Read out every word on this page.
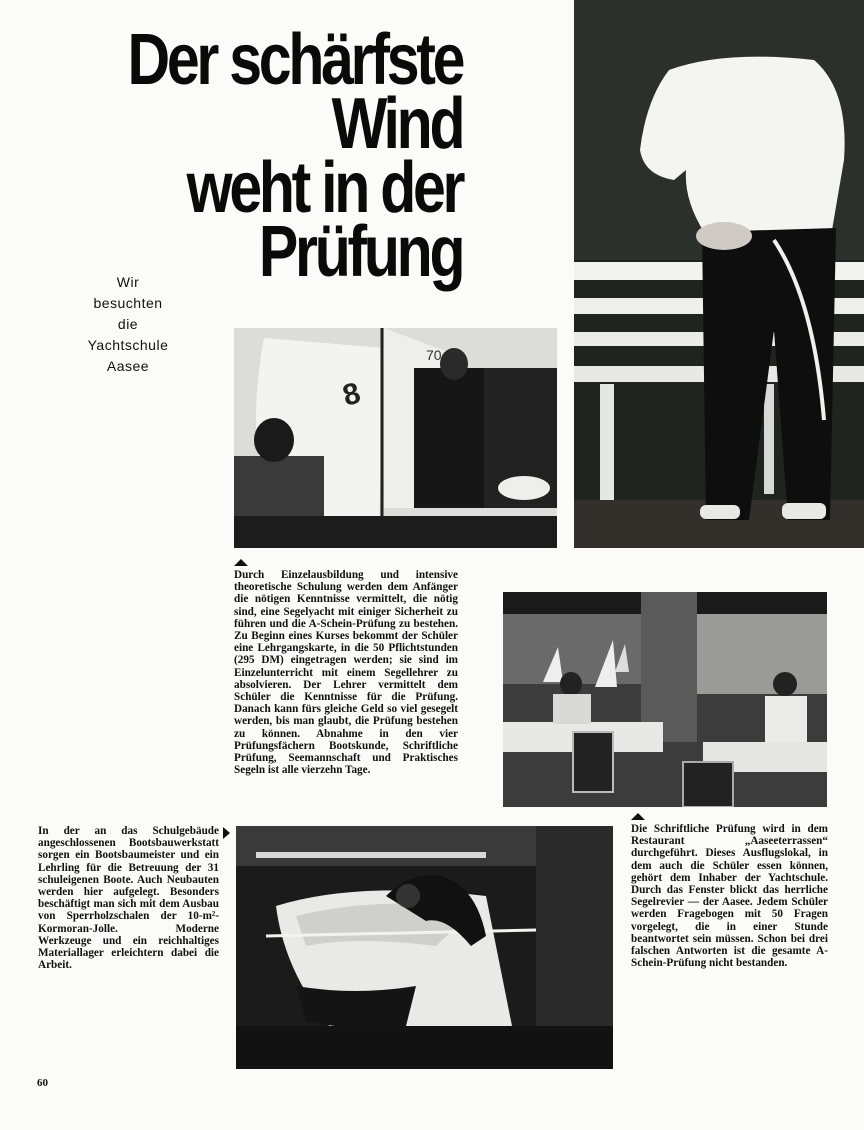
Der schärfste
Wind
weht in der
Prüfung
Wir
besuchten
die
Yachtschule
Aasee
8
70
Durch Einzelausbildung und intensive theoretische Schulung werden dem Anfänger die nötigen Kenntnisse vermittelt, die nötig sind, eine Segelyacht mit einiger Sicherheit zu führen und die A-Schein-Prüfung zu bestehen. Zu Beginn eines Kurses bekommt der Schüler eine Lehrgangskarte, in die 50 Pflichtstunden (295 DM) eingetragen werden; sie sind im Einzelunterricht mit einem Segellehrer zu absolvieren. Der Lehrer vermittelt dem Schüler die Kenntnisse für die Prüfung. Danach kann fürs gleiche Geld so viel gesegelt werden, bis man glaubt, die Prüfung bestehen zu können. Abnahme in den vier Prüfungsfächern Bootskunde, Schriftliche Prüfung, Seemannschaft und Praktisches Segeln ist alle vierzehn Tage.
Die Schriftliche Prüfung wird in dem Restaurant „Aaseeterrassen“ durchgeführt. Dieses Ausflugslokal, in dem auch die Schüler essen können, gehört dem Inhaber der Yachtschule. Durch das Fenster blickt das herrliche Segelrevier — der Aasee. Jedem Schüler werden Fragebogen mit 50 Fragen vorgelegt, die in einer Stunde beantwortet sein müssen. Schon bei drei falschen Antworten ist die gesamte A-Schein-Prüfung nicht bestanden.
In der an das Schulgebäude angeschlossenen Bootsbauwerkstatt sorgen ein Bootsbaumeister und ein Lehrling für die Betreuung der 31 schuleigenen Boote. Auch Neubauten werden hier aufgelegt. Besonders beschäftigt man sich mit dem Ausbau von Sperrholzschalen der 10-m²-Kormoran-Jolle. Moderne Werkzeuge und ein reichhaltiges Materiallager erleichtern dabei die Arbeit.
60
